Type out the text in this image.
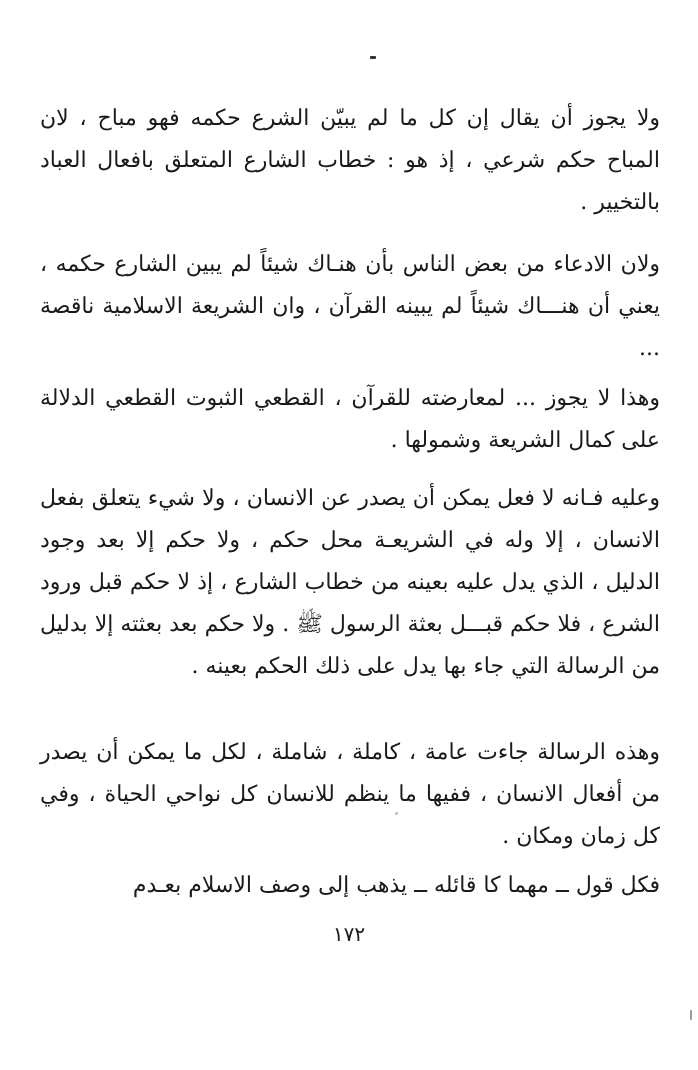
ولا يجوز أن يقال إن كل ما لم يبيّن الشرع حكمه فهو مباح ، لان المباح حكم شرعي ، إذ هو : خطاب الشارع المتعلق بافعال العباد بالتخيير .

ولان الادعاء من بعض الناس بأن هنـاك شيئاً لم يبين الشارع حكمه ، يعني أن هنـــاك شيئاً لم يبينه القرآن ، وان الشريعة الاسلامية ناقصة ...

وهذا لا يجوز ... لمعارضته للقرآن ، القطعي الثبوت القطعي الدلالة على كمال الشريعة وشمولها .

وعليه فـانه لا فعل يمكن أن يصدر عن الانسان ، ولا شيء يتعلق بفعل الانسان ، إلا وله في الشريعـة محل حكم ، ولا حكم إلا بعد وجود الدليل ، الذي يدل عليه بعينه من خطاب الشارع ، إذ لا حكم قبل ورود الشرع ، فلا حكم قبـــل بعثة الرسول ﷺ . ولا حكم بعد بعثته إلا بدليل من الرسالة التي جاء بها يدل على ذلك الحكم بعينه .

وهذه الرسالة جاءت عامة ، كاملة ، شاملة ، لكل ما يمكن أن يصدر من أفعال الانسان ، ففيها ما ينظم للانسان كل نواحي الحياة ، وفي كل زمان ومكان .

فكل قول ــ مهما كا قائله ــ يذهب إلى وصف الاسلام بعـدم

١٧٢
